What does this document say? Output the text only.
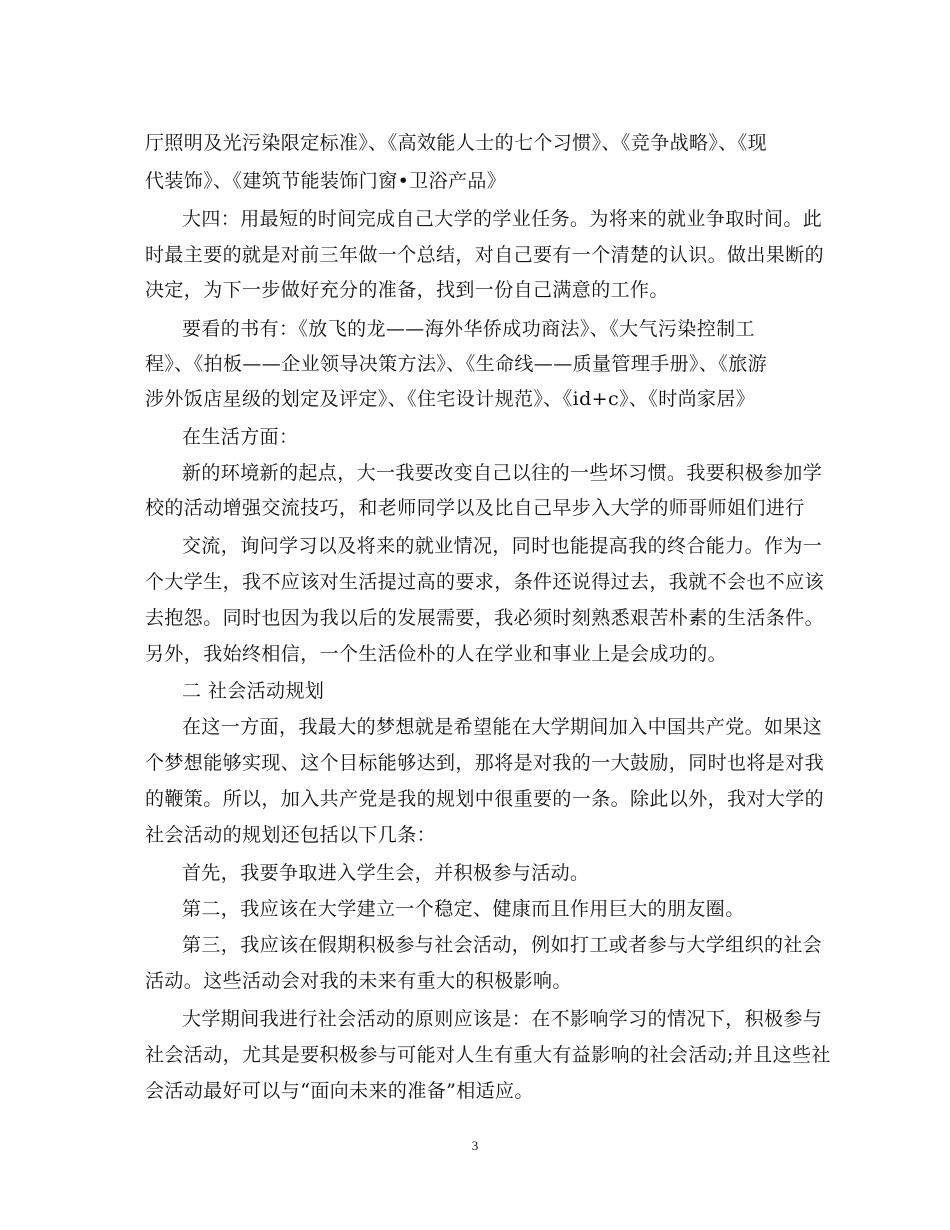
厅照明及光污染限定标准》、《高效能人士的七个习惯》、《竞争战略》、《现
代装饰》、《建筑节能装饰门窗•卫浴产品》
大四：用最短的时间完成自己大学的学业任务。为将来的就业争取时间。此
时最主要的就是对前三年做一个总结，对自己要有一个清楚的认识。做出果断的
决定，为下一步做好充分的准备，找到一份自己满意的工作。
要看的书有：《放飞的龙——海外华侨成功商法》、《大气污染控制工
程》、《拍板——企业领导决策方法》、《生命线——质量管理手册》、《旅游
涉外饭店星级的划定及评定》、《住宅设计规范》、《id+c》、《时尚家居》
在生活方面：
新的环境新的起点，大一我要改变自己以往的一些坏习惯。我要积极参加学
校的活动增强交流技巧，和老师同学以及比自己早步入大学的师哥师姐们进行
交流，询问学习以及将来的就业情况，同时也能提高我的终合能力。作为一
个大学生，我不应该对生活提过高的要求，条件还说得过去，我就不会也不应该
去抱怨。同时也因为我以后的发展需要，我必须时刻熟悉艰苦朴素的生活条件。
另外，我始终相信，一个生活俭朴的人在学业和事业上是会成功的。
二 社会活动规划
在这一方面，我最大的梦想就是希望能在大学期间加入中国共产党。如果这
个梦想能够实现、这个目标能够达到，那将是对我的一大鼓励，同时也将是对我
的鞭策。所以，加入共产党是我的规划中很重要的一条。除此以外，我对大学的
社会活动的规划还包括以下几条：
首先，我要争取进入学生会，并积极参与活动。
第二，我应该在大学建立一个稳定、健康而且作用巨大的朋友圈。
第三，我应该在假期积极参与社会活动，例如打工或者参与大学组织的社会
活动。这些活动会对我的未来有重大的积极影响。
大学期间我进行社会活动的原则应该是：在不影响学习的情况下，积极参与
社会活动，尤其是要积极参与可能对人生有重大有益影响的社会活动;并且这些社
会活动最好可以与“面向未来的准备”相适应。
3
